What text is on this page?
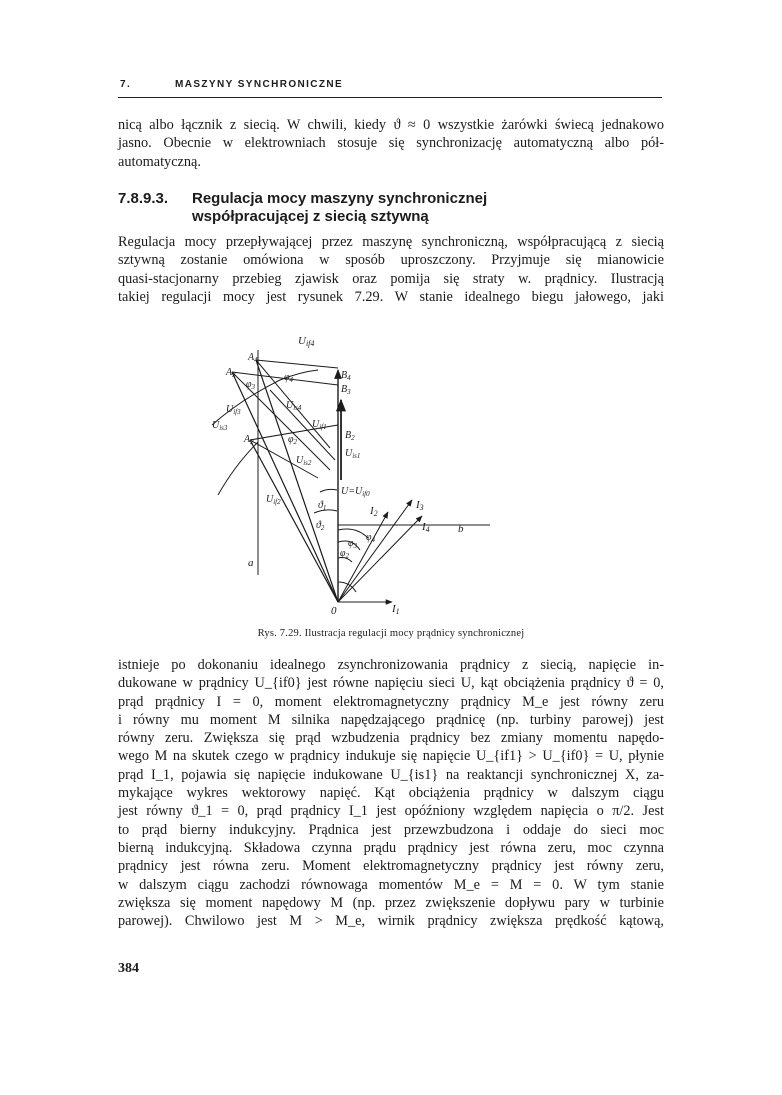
7.	MASZYNY SYNCHRONICZNE
nicą albo łącznik z siecią. W chwili, kiedy ϑ ≈ 0 wszystkie żarówki świecą jednakowo
jasno. Obecnie w elektrowniach stosuje się synchronizację automatyczną albo pół-
automatyczną.
7.8.9.3. Regulacja mocy maszyny synchronicznej
współpracującej z siecią sztywną
Regulacja mocy przepływającej przez maszynę synchroniczną, współpracującą z siecią
sztywną zostanie omówiona w sposób uproszczony. Przyjmuje się mianowicie
quasi-stacjonarny przebieg zjawisk oraz pomija się straty w. prądnicy. Ilustracją
takiej regulacji mocy jest rysunek 7.29. W stanie idealnego biegu jałowego, jaki
Uif4
$A_4$
$A_3$
$\varphi_3$
$\varphi_4$	$B_4$
$B_3$
$U_{if3}$
$U_{is4}$
$U_{is3}$	$U_{if1}$
$A_2$	$\varphi_2$
$B_2$
$U_{is2}$
$U_{is1}$
$U=U_{if0}$
$U_{if2}$	$ϑ_1$
$ϑ_2$
I2
I3
I4	b
a
$\varphi_3$
$\varphi_4$
$\varphi_2$
0	I1
Rys. 7.29. Ilustracja regulacji mocy prądnicy synchronicznej
istnieje po dokonaniu idealnego zsynchronizowania prądnicy z siecią, napięcie in-
dukowane w prądnicy U_{if0} jest równe napięciu sieci U, kąt obciążenia prądnicy ϑ = 0,
prąd prądnicy I = 0, moment elektromagnetyczny prądnicy M_e jest równy zeru
i równy mu moment M silnika napędzającego prądnicę (np. turbiny parowej) jest
równy zeru. Zwiększa się prąd wzbudzenia prądnicy bez zmiany momentu napędo-
wego M na skutek czego w prądnicy indukuje się napięcie U_{if1} > U_{if0} = U, płynie
prąd I_1, pojawia się napięcie indukowane U_{is1} na reaktancji synchronicznej X, za-
mykające wykres wektorowy napięć. Kąt obciążenia prądnicy w dalszym ciągu
jest równy ϑ_1 = 0, prąd prądnicy I_1 jest opóźniony względem napięcia o π/2. Jest
to prąd bierny indukcyjny. Prądnica jest przewzbudzona i oddaje do sieci moc
bierną indukcyjną. Składowa czynna prądu prądnicy jest równa zeru, moc czynna
prądnicy jest równa zeru. Moment elektromagnetyczny prądnicy jest równy zeru,
w dalszym ciągu zachodzi równowaga momentów M_e = M = 0. W tym stanie
zwiększa się moment napędowy M (np. przez zwiększenie dopływu pary w turbinie
parowej). Chwilowo jest M > M_e, wirnik prądnicy zwiększa prędkość kątową,
384
